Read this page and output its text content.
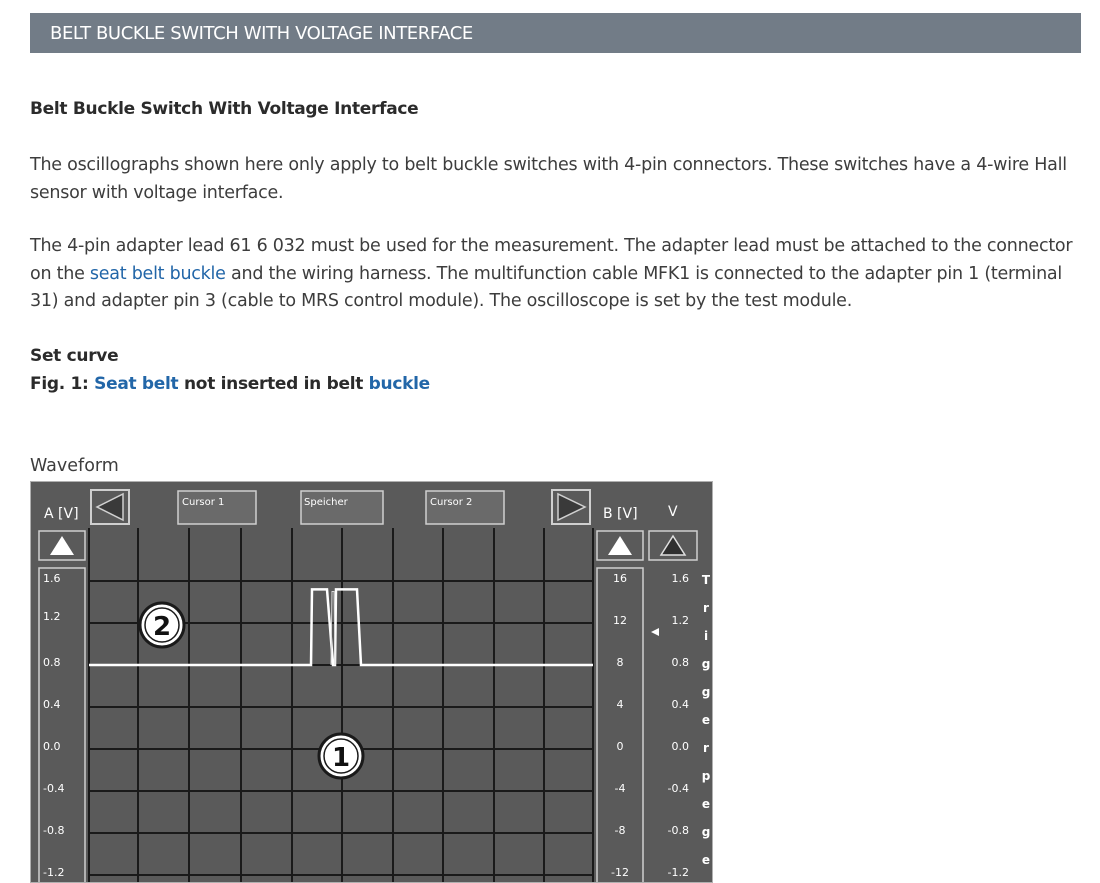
BELT BUCKLE SWITCH WITH VOLTAGE INTERFACE
Belt Buckle Switch With Voltage Interface
The oscillographs shown here only apply to belt buckle switches with 4-pin connectors. These switches have a 4-wire Hall sensor with voltage interface.
The 4-pin adapter lead 61 6 032 must be used for the measurement. The adapter lead must be attached to the connector on the seat belt buckle and the wiring harness. The multifunction cable MFK1 is connected to the adapter pin 1 (terminal 31) and adapter pin 3 (cable to MRS control module). The oscilloscope is set by the test module.
Set curve
Fig. 1: Seat belt not inserted in belt buckle
Waveform
A [V]
Cursor 1	Speicher	Cursor 2
B [V] V
1.6
1.2
0.8
0.4
0.0
-0.4
-0.8
-1.2
16
12
8
4
0
-4
-8
-12
1.6
1.2
0.8
0.4
0.0
-0.4
-0.8
-1.2
2
1
T
r
i
g
g
e
r
p
e
g
e
